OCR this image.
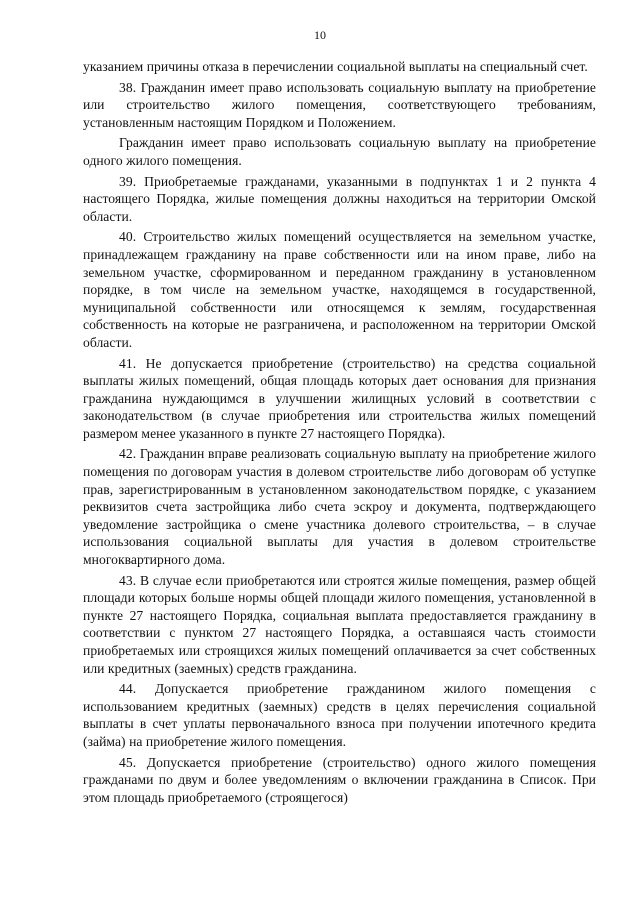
10

указанием причины отказа в перечислении социальной выплаты на специальный счет.

38. Гражданин имеет право использовать социальную выплату на приобретение или строительство жилого помещения, соответствующего требованиям, установленным настоящим Порядком и Положением.

Гражданин имеет право использовать социальную выплату на приобретение одного жилого помещения.

39. Приобретаемые гражданами, указанными в подпунктах 1 и 2 пункта 4 настоящего Порядка, жилые помещения должны находиться на территории Омской области.

40. Строительство жилых помещений осуществляется на земельном участке, принадлежащем гражданину на праве собственности или на ином праве, либо на земельном участке, сформированном и переданном гражданину в установленном порядке, в том числе на земельном участке, находящемся в государственной, муниципальной собственности или относящемся к землям, государственная собственность на которые не разграничена, и расположенном на территории Омской области.

41. Не допускается приобретение (строительство) на средства социальной выплаты жилых помещений, общая площадь которых дает основания для признания гражданина нуждающимся в улучшении жилищных условий в соответствии с законодательством (в случае приобретения или строительства жилых помещений размером менее указанного в пункте 27 настоящего Порядка).

42. Гражданин вправе реализовать социальную выплату на приобретение жилого помещения по договорам участия в долевом строительстве либо договорам об уступке прав, зарегистрированным в установленном законодательством порядке, с указанием реквизитов счета застройщика либо счета эскроу и документа, подтверждающего уведомление застройщика о смене участника долевого строительства, – в случае использования социальной выплаты для участия в долевом строительстве многоквартирного дома.

43. В случае если приобретаются или строятся жилые помещения, размер общей площади которых больше нормы общей площади жилого помещения, установленной в пункте 27 настоящего Порядка, социальная выплата предоставляется гражданину в соответствии с пунктом 27 настоящего Порядка, а оставшаяся часть стоимости приобретаемых или строящихся жилых помещений оплачивается за счет собственных или кредитных (заемных) средств гражданина.

44. Допускается приобретение гражданином жилого помещения с использованием кредитных (заемных) средств в целях перечисления социальной выплаты в счет уплаты первоначального взноса при получении ипотечного кредита (займа) на приобретение жилого помещения.

45. Допускается приобретение (строительство) одного жилого помещения гражданами по двум и более уведомлениям о включении гражданина в Список. При этом площадь приобретаемого (строящегося)
